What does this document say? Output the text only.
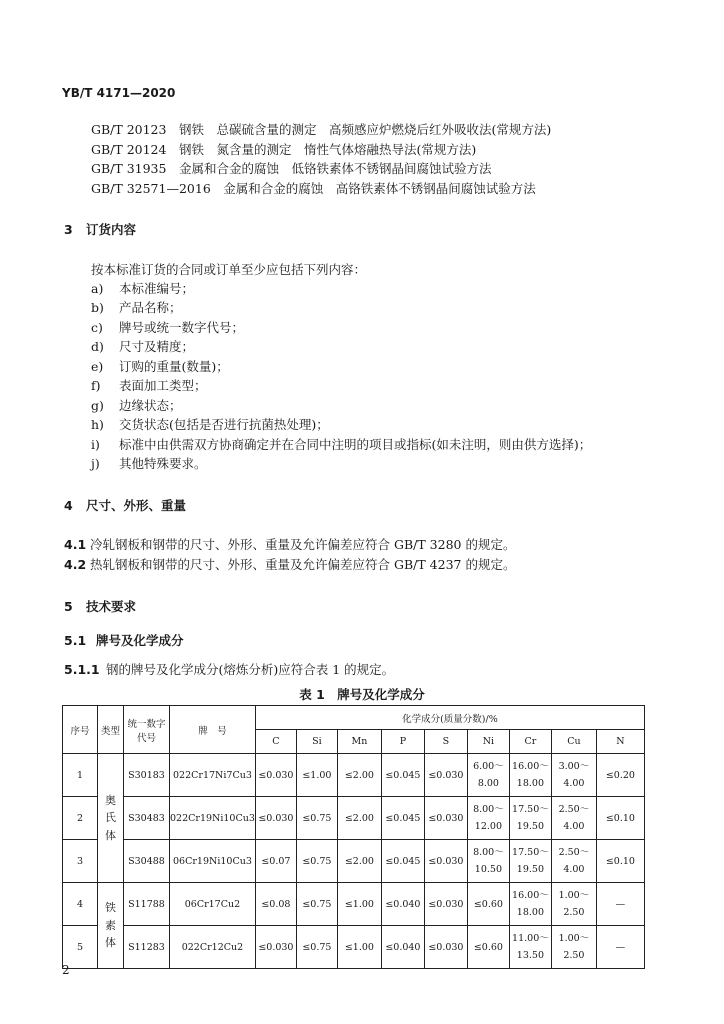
YB/T 4171—2020
GB/T 20123　钢铁　总碳硫含量的测定　高频感应炉燃烧后红外吸收法(常规方法)
GB/T 20124　钢铁　氮含量的测定　惰性气体熔融热导法(常规方法)
GB/T 31935　金属和合金的腐蚀　低铬铁素体不锈钢晶间腐蚀试验方法
GB/T 32571—2016　金属和合金的腐蚀　高铬铁素体不锈钢晶间腐蚀试验方法
3 订货内容
按本标准订货的合同或订单至少应包括下列内容：
a) 本标准编号；
b) 产品名称；
c) 牌号或统一数字代号；
d) 尺寸及精度；
e) 订购的重量(数量)；
f) 表面加工类型；
g) 边缘状态；
h) 交货状态(包括是否进行抗菌热处理)；
i) 标准中由供需双方协商确定并在合同中注明的项目或指标(如未注明，则由供方选择)；
j) 其他特殊要求。
4 尺寸、外形、重量
4.1 冷轧钢板和钢带的尺寸、外形、重量及允许偏差应符合 GB/T 3280 的规定。
4.2 热轧钢板和钢带的尺寸、外形、重量及允许偏差应符合 GB/T 4237 的规定。
5 技术要求
5.1 牌号及化学成分
5.1.1 钢的牌号及化学成分(熔炼分析)应符合表 1 的规定。
表 1　牌号及化学成分
序号	类型	统一数字
代号	牌　号	化学成分(质量分数)/%								
				C	Si	Mn	P	S	Ni	Cr	Cu	N
1	奥
氏
体	S30183	022Cr17Ni7Cu3	≤0.030	≤1.00	≤2.00	≤0.045	≤0.030	6.00～
8.00	16.00～
18.00	3.00～
4.00	≤0.20
2		S30483	022Cr19Ni10Cu3	≤0.030	≤0.75	≤2.00	≤0.045	≤0.030	8.00～
12.00	17.50～
19.50	2.50～
4.00	≤0.10
3		S30488	06Cr19Ni10Cu3	≤0.07	≤0.75	≤2.00	≤0.045	≤0.030	8.00～
10.50	17.50～
19.50	2.50～
4.00	≤0.10
4	铁
素
体	S11788	06Cr17Cu2	≤0.08	≤0.75	≤1.00	≤0.040	≤0.030	≤0.60	16.00～
18.00	1.00～
2.50	—
5		S11283	022Cr12Cu2	≤0.030	≤0.75	≤1.00	≤0.040	≤0.030	≤0.60	11.00～
13.50	1.00～
2.50	—
2
